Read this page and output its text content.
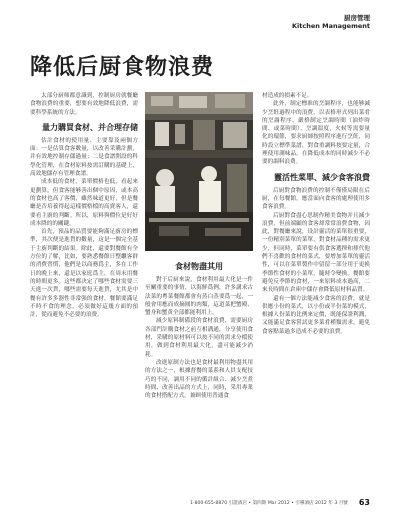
厨房管理
Kitchen Management
降低后厨食物浪费

太部分厨师都意識到，控制厨房就餐廳食物浪費的重要，想要有效地降低浪費，需要科學系統的方法。

量力購買食材、并合理存储

估計食材的使用量、主要靠及兩個方面：一是估算食客數量，以改善采購計劃，并有效地控制存儲過量；二是食譜開設的科學化管理，在食材原料按需訂購的基礎上，高效地儲存有管理食譜。

成本低的食材，菜單價格也低，看起來更劃算，但食客能够善出個中原因，或本高的食材也高了客價，雖然味道更好，但是餐廳是否培養得起這樣價格檔的高賣客人，還要看主廚的判斷。所以，原料與價位是好好成本降的的關鍵。

首先，預品的品質要能夠滿足廚房的標準，其次便是進貨的數量，这是一個完全基于主廚判斷的結果。除此，還要對餐館有全方位的了解，比如，要熟悉餐館日整繼客群的消費習慣，他們是以商務爲主，多在工作日的晚上來，還是以家庭爲主，在周末用餐的時間更多。这些都决定了哪些食材需要三天進一次貨，哪些需要每天進貨，尤其是中餐有許多多器性非常强的食材，餐館要滿足不時不食的理念，必須做好這幾方面的預計，從而避免不必要的浪费。

食材物盡其用

對于后厨來說，食材利用最大化是一件至關重要的事情，以海鮮爲例，許多講求古法菜的粵菜餐館都會有蒸白蒸要爲一起，一般會用應而成摘圓的肉類，這道菜把蟹殿、蟹身和蟹黄全部都能利用上。

減少原料制備段的食材浪費，需要厨房各部門計購食材之前互相溝通，分享使用食材，采購的原材料可以按不同的需求分檔使用，做到食材利用最大化，盡可能減少消耗。

改進原制方法也是食材最利用物盡其用的方法之一，根據督餐的菜系和人員支配技巧的不同，調用不同的循計組合、減少烹煮時間、改善出品的方式上，同時，采用專業的食材搭配方式，兼顾使用普通食

材造成的損素不足。

此外，制定標准的烹調程序，也能够減少烹飪過程中的浪費，以表格形式列出菜肴的烹調程序、嚴格制定烹調時間（油炸時間、或菜時間）、烹調溫度，火候等需要量化的環節，要求厨師按照程序進行烹飪，同時設立標準菜譜，對食重調料按要定量，合理使用測味品，在降低成本的同時減少不必要的調料浪费。

靈活性菜單、減少食客浪費

后厨對食物浪費的控制不僅僅局限在后厨，在每餐館，應當面向食客的處理使用多食客浪費。

后厨對食盡心思制作精美食物并且減少浪費，但前端顧的食客却常常浪費食物，因此，對餐廳來說，设計靈活的菜單很重要，一份精別菜單的菜單，對食材品種的需求更少，但同時，菜單要有供食客選擇和排代他們不喜歡的食材的菜式，要增加菜單的靈活性，可以在菜單製作中留留一部分用于更换季節性食材的小菜單，隨時令變換。餐館要避免反季節的食材，一來原料成本過高，二來長時間在倉庫中儲存會降低原材料品質。

還有一個方法能减少食客的浪費，就是供應小份的菜式，以小份或半份菜的模式，根據人份菜的比例來定價，既能保證利潤，又能滿足食客嘗試更多菜肴種類需求，避免食客點菜過多造成不必要的浪費。

1-800-655-8870 引證酒店 • 第四期 Mar 2012 • 引導酒店 2012 年 3 月號 63
